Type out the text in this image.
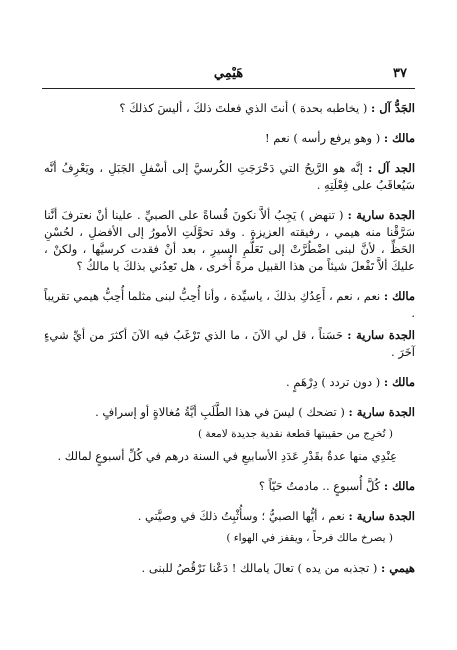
٣٧
هَيْمِي

الجَدُّ آل : ( يخاطبه بحدة ) أنتَ الذي فعلتَ ذلكَ ، أليسَ كذلكَ ؟

مالك : ( وهو يرفع رأسه ) نعم !

الجد آل : إنَّه هو الرَّيحُ التي دَحْرَجَتِ الكُرسيَّ إلى أسْفلِ الجَبَلِ ، ويَعْرِفُ أنَّه سَيُعاقَبُ على فِعْلَتِهِ .

الجدة سارية : ( تنهض ) يَجِبُ ألاَّ نكونَ قُساةً على الصبيِّ . علينا أنْ نعترفَ أنَّنا سَرَّقْنا منه هيمي ، رفيقته العزيزة . وقد تحوَّلَتِ الأمورُ إلى الأفضلِ ، لحُسْنِ الحَظِّ ، لأنَّ لبنى اضْطُرَّتْ إلى تَعَلُّمِ السيرِ ، بعد أنْ فقدت كرسيَّها ، ولكنْ ، عليكَ ألاَّ تَفْعلَ شيئاً من هذا القبيل مرةً أُخرى ، هل تَعِدُني بذلكَ يا مالكُ ؟

مالك : نعم ، نعم ، أَعِدُكِ بذلكَ ، ياسيِّدة ، وأنا أُحِبُّ لبنى مثلما أُحِبُّ هيمي تقريباً .

الجدة سارية : حَسَناً ، قل لي الآنَ ، ما الذي تَرْغَبُ فيه الآنَ أكثرَ من أيِّ شيءٍ آخَرَ .

مالك : ( دون تردد ) دِرْهَمٍ .

الجدة سارية : ( تضحك ) ليسَ في هذا الطَّلَبِ أيَّةُ مُغالاةٍ أو إسرافٍ .

( تُخرِج من حقيبتها قطعة نقدية جديدة لامعة )

عِنْدِي منها عدةٌ بقَدْرِ عَدَدِ الأسابيعِ في السنة درهم في كُلِّ أسبوعٍ لمالك .

مالك : كُلَّ أُسبوعٍ .. مادمتُ حَيّاً ؟

الجدة سارية : نعم ، أيُّها الصبيُّ ؛ وسأُثْبِتُ ذلكَ في وصيَّتي .

( يصرخ مالك فرحاً ، ويقفز في الهواء )

هيمي : ( تجذبه من يده ) تعالَ يامالك ! دَعْنا نَرْقُصُ للبنى .
